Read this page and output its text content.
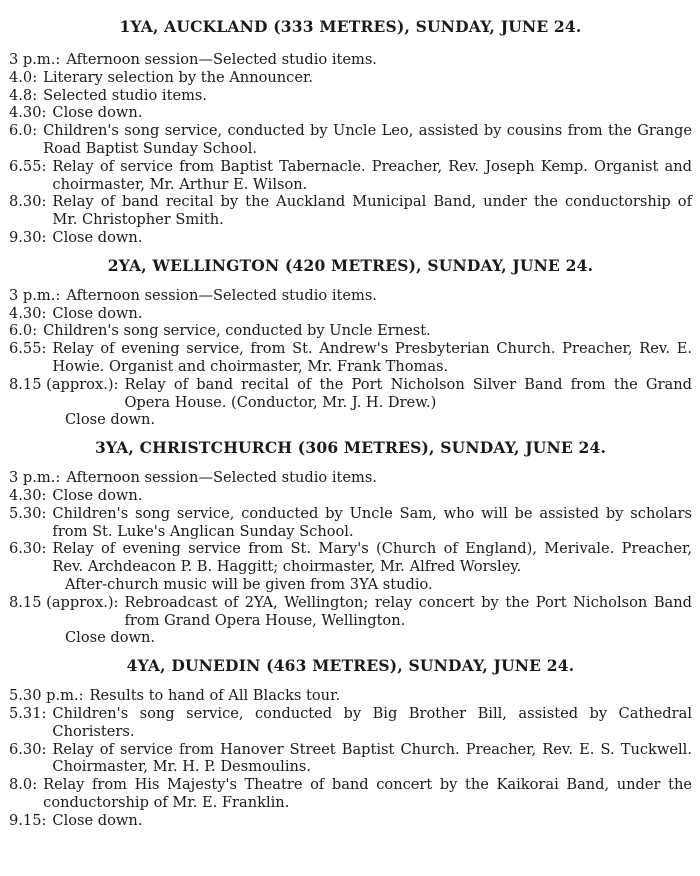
1YA, AUCKLAND (333 METRES), SUNDAY, JUNE 24.
3 p.m.: Afternoon session—Selected studio items.
4.0: Literary selection by the Announcer.
4.8: Selected studio items.
4.30: Close down.
6.0: Children's song service, conducted by Uncle Leo, assisted by cousins from the Grange Road Baptist Sunday School.
6.55: Relay of service from Baptist Tabernacle. Preacher, Rev. Joseph Kemp. Organist and choirmaster, Mr. Arthur E. Wilson.
8.30: Relay of band recital by the Auckland Municipal Band, under the conductorship of Mr. Christopher Smith.
9.30: Close down.
2YA, WELLINGTON (420 METRES), SUNDAY, JUNE 24.
3 p.m.: Afternoon session—Selected studio items.
4.30: Close down.
6.0: Children's song service, conducted by Uncle Ernest.
6.55: Relay of evening service, from St. Andrew's Presbyterian Church. Preacher, Rev. E. Howie. Organist and choirmaster, Mr. Frank Thomas.
8.15 (approx.): Relay of band recital of the Port Nicholson Silver Band from the Grand Opera House. (Conductor, Mr. J. H. Drew.)
Close down.
3YA, CHRISTCHURCH (306 METRES), SUNDAY, JUNE 24.
3 p.m.: Afternoon session—Selected studio items.
4.30: Close down.
5.30: Children's song service, conducted by Uncle Sam, who will be assisted by scholars from St. Luke's Anglican Sunday School.
6.30: Relay of evening service from St. Mary's (Church of England), Merivale. Preacher, Rev. Archdeacon P. B. Haggitt; choirmaster, Mr. Alfred Worsley.
After-church music will be given from 3YA studio.
8.15 (approx.): Rebroadcast of 2YA, Wellington; relay concert by the Port Nicholson Band from Grand Opera House, Wellington.
Close down.
4YA, DUNEDIN (463 METRES), SUNDAY, JUNE 24.
5.30 p.m.: Results to hand of All Blacks tour.
5.31: Children's song service, conducted by Big Brother Bill, assisted by Cathedral Choristers.
6.30: Relay of service from Hanover Street Baptist Church. Preacher, Rev. E. S. Tuckwell. Choirmaster, Mr. H. P. Desmoulins.
8.0: Relay from His Majesty's Theatre of band concert by the Kaikorai Band, under the conductorship of Mr. E. Franklin.
9.15: Close down.
